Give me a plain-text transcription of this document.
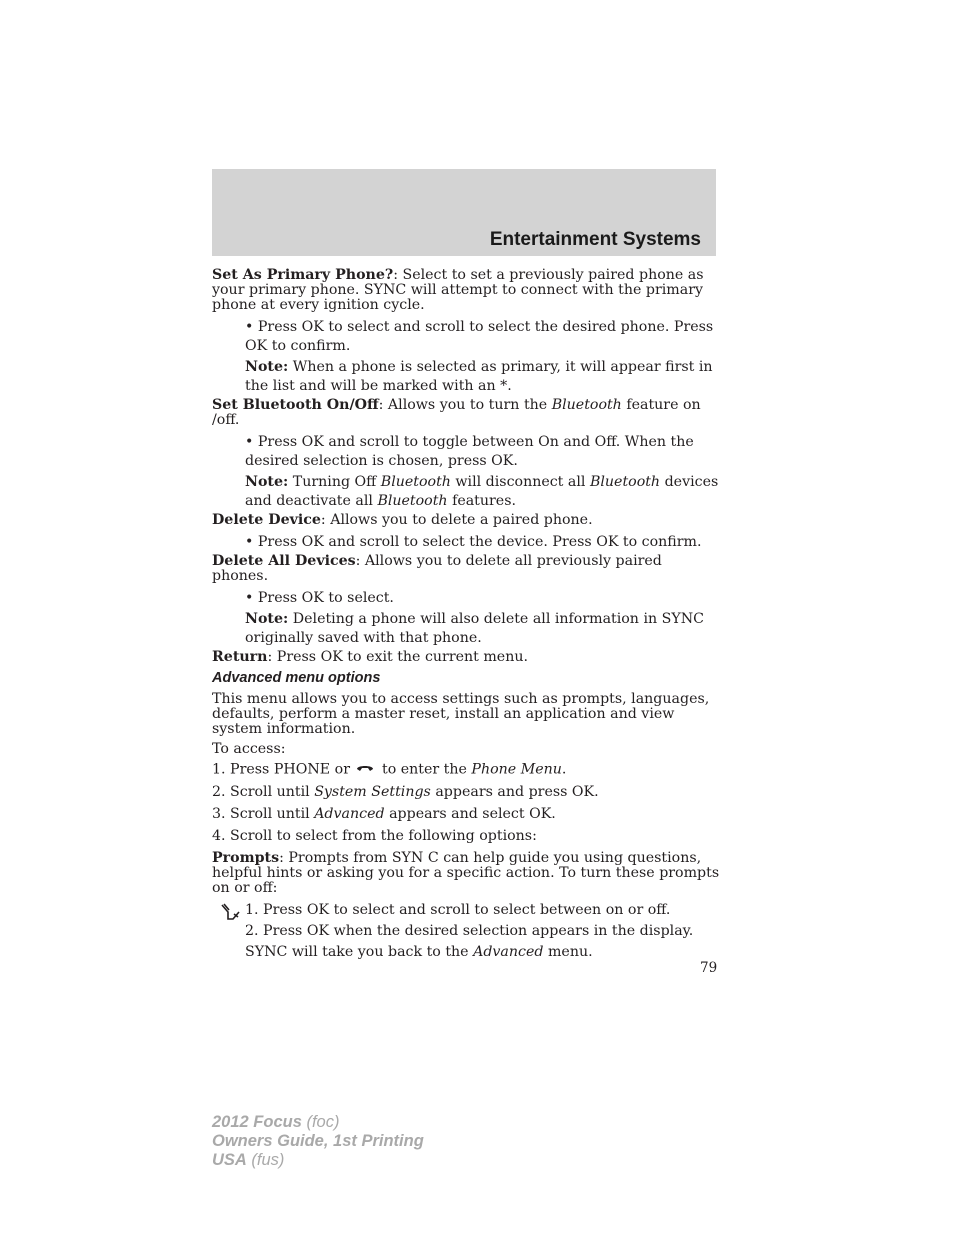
Entertainment Systems

Set As Primary Phone?: Select to set a previously paired phone as your primary phone. SYNC will attempt to connect with the primary phone at every ignition cycle.

• Press OK to select and scroll to select the desired phone. Press OK to confirm.
Note: When a phone is selected as primary, it will appear first in the list and will be marked with an *.

Set Bluetooth On/Off: Allows you to turn the Bluetooth feature on /off.

• Press OK and scroll to toggle between On and Off. When the desired selection is chosen, press OK.
Note: Turning Off Bluetooth will disconnect all Bluetooth devices and deactivate all Bluetooth features.

Delete Device: Allows you to delete a paired phone.

• Press OK and scroll to select the device. Press OK to confirm.

Delete All Devices: Allows you to delete all previously paired phones.

• Press OK to select.
Note: Deleting a phone will also delete all information in SYNC originally saved with that phone.

Return: Press OK to exit the current menu.

Advanced menu options

This menu allows you to access settings such as prompts, languages, defaults, perform a master reset, install an application and view system information.

To access:

1. Press PHONE or to enter the Phone Menu.

2. Scroll until System Settings appears and press OK.

3. Scroll until Advanced appears and select OK.

4. Scroll to select from the following options:

Prompts: Prompts from SYN C can help guide you using questions, helpful hints or asking you for a specific action. To turn these prompts on or off:

1. Press OK to select and scroll to select between on or off.
2. Press OK when the desired selection appears in the display.
SYNC will take you back to the Advanced menu.
79
2012 Focus (foc)
Owners Guide, 1st Printing
USA (fus)
